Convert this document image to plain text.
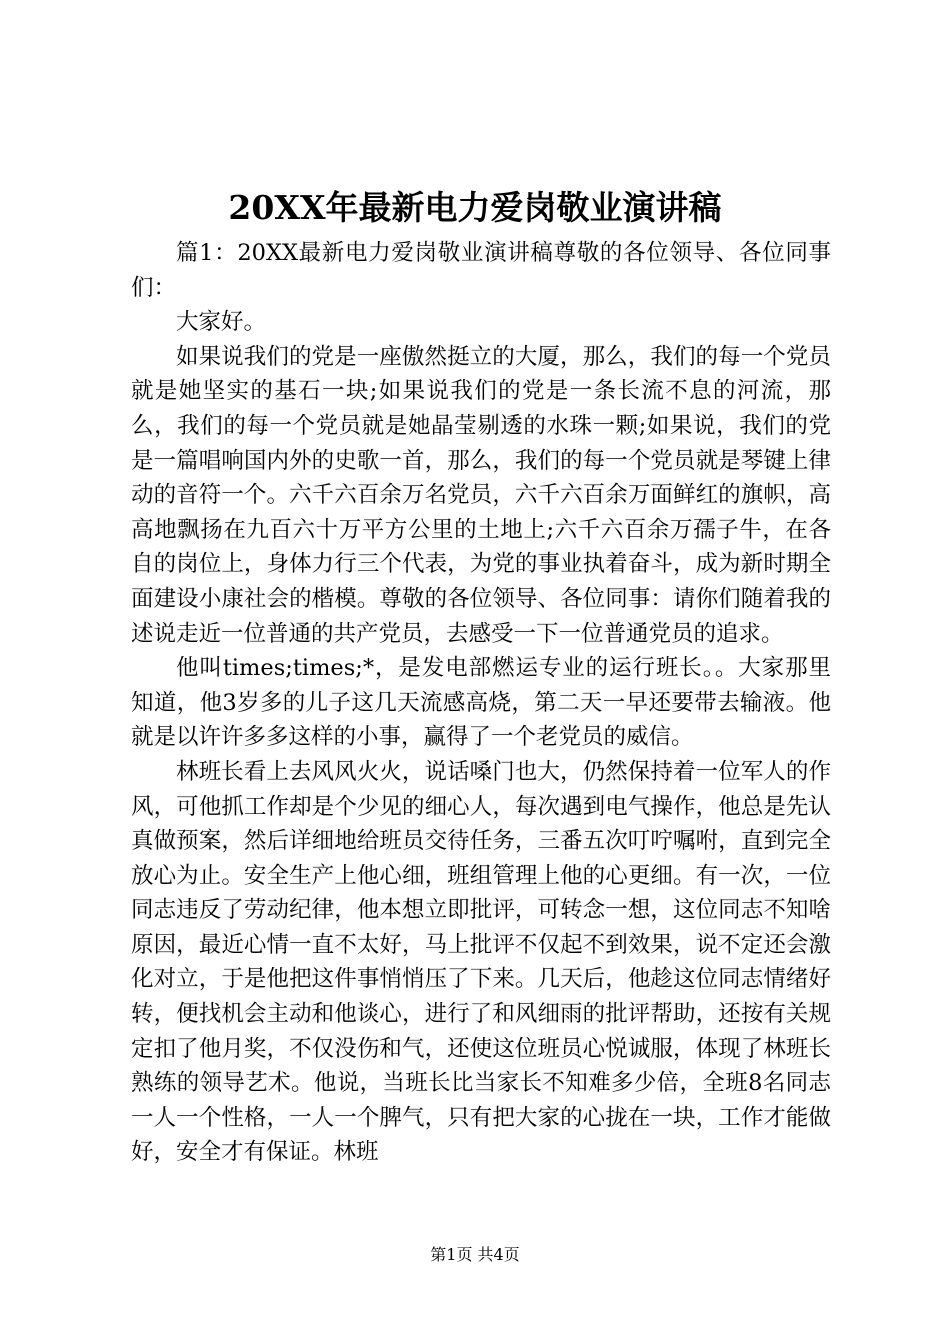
20XX年最新电力爱岗敬业演讲稿

篇1：20XX最新电力爱岗敬业演讲稿尊敬的各位领导、各位同事们：

大家好。

如果说我们的党是一座傲然挺立的大厦，那么，我们的每一个党员就是她坚实的基石一块;如果说我们的党是一条长流不息的河流，那么，我们的每一个党员就是她晶莹剔透的水珠一颗;如果说，我们的党是一篇唱响国内外的史歌一首，那么，我们的每一个党员就是琴键上律动的音符一个。六千六百余万名党员，六千六百余万面鲜红的旗帜，高高地飘扬在九百六十万平方公里的土地上;六千六百余万孺子牛，在各自的岗位上，身体力行三个代表，为党的事业执着奋斗，成为新时期全面建设小康社会的楷模。尊敬的各位领导、各位同事：请你们随着我的述说走近一位普通的共产党员，去感受一下一位普通党员的追求。

他叫times;times;*，是发电部燃运专业的运行班长。。大家那里知道，他3岁多的儿子这几天流感高烧，第二天一早还要带去输液。他就是以许许多多这样的小事，赢得了一个老党员的威信。

林班长看上去风风火火，说话嗓门也大，仍然保持着一位军人的作风，可他抓工作却是个少见的细心人，每次遇到电气操作，他总是先认真做预案，然后详细地给班员交待任务，三番五次叮咛嘱咐，直到完全放心为止。安全生产上他心细，班组管理上他的心更细。有一次，一位同志违反了劳动纪律，他本想立即批评，可转念一想，这位同志不知啥原因，最近心情一直不太好，马上批评不仅起不到效果，说不定还会激化对立，于是他把这件事悄悄压了下来。几天后，他趁这位同志情绪好转，便找机会主动和他谈心，进行了和风细雨的批评帮助，还按有关规定扣了他月奖，不仅没伤和气，还使这位班员心悦诚服，体现了林班长熟练的领导艺术。他说，当班长比当家长不知难多少倍，全班8名同志一人一个性格，一人一个脾气，只有把大家的心拢在一块，工作才能做好，安全才有保证。林班

第1页 共4页
